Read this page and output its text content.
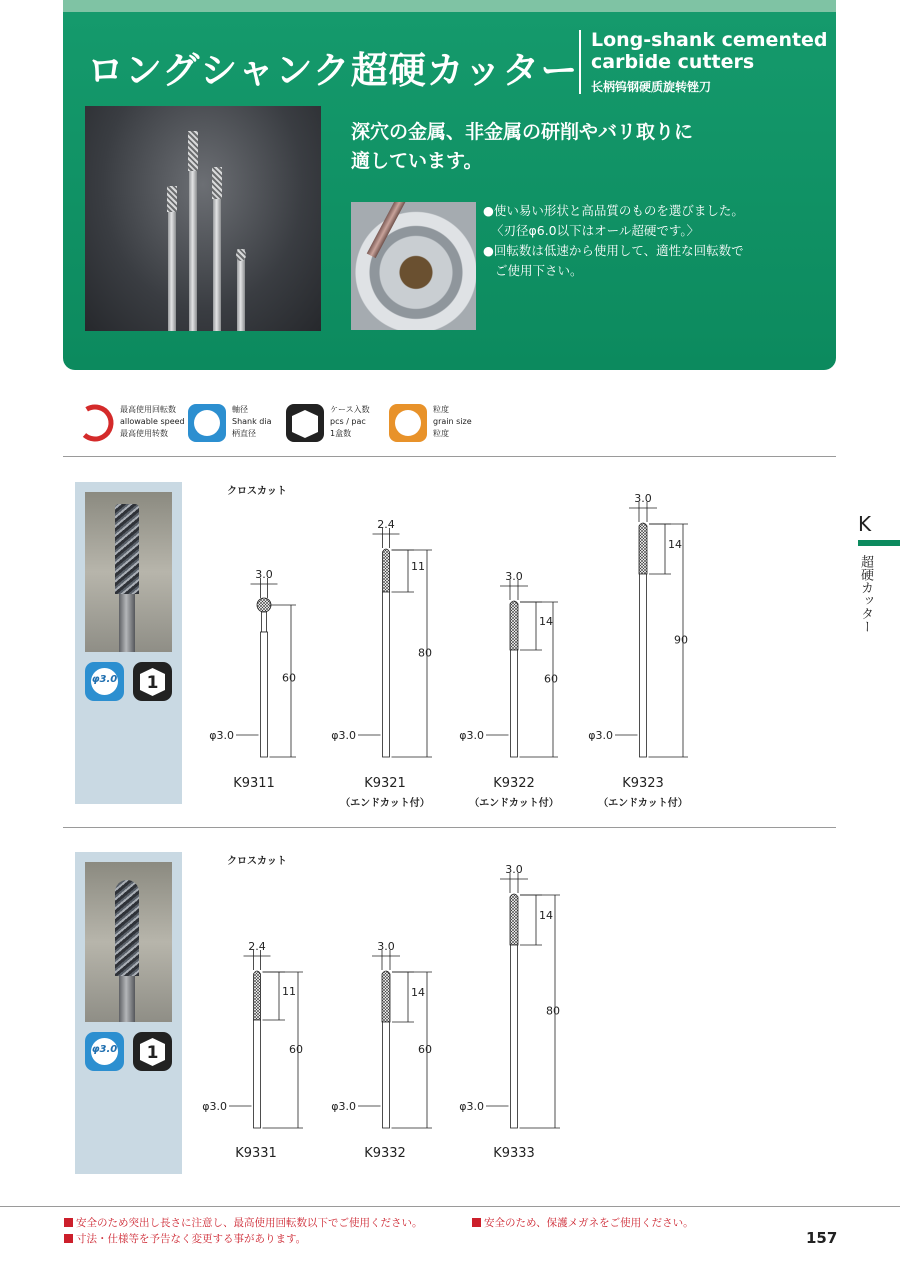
ロングシャンク超硬カッター
Long-shank cemented
carbide cutters
长柄钨钢硬质旋转锉刀
深穴の金属、非金属の研削やバリ取りに
適しています。
●使い易い形状と高品質のものを選びました。
〈刃径φ6.0以下はオール超硬です。〉
●回転数は低速から使用して、適性な回転数で
ご使用下さい。
最高使用回転数
allowable speed
最高使用转数
軸径
Shank dia
柄直径
ケース入数
pcs / pac
1盒数
粒度
grain size
粒度
K
超硬カッター
φ3.0	1
クロスカット
3.0
φ3.0
60
2.4
φ3.0
11
80
3.0
φ3.0
14
60
3.0
φ3.0
14
90
2.4
φ3.0
11
60
3.0
φ3.0
14
60
3.0
φ3.0
14
80
K9311	K9321
（エンドカット付）
K9322
（エンドカット付）
K9323
（エンドカット付）
φ3.0	1
クロスカット
K9331	K9332	K9333
安全のため突出し長さに注意し、最高使用回転数以下でご使用ください。	安全のため、保護メガネをご使用ください。
寸法・仕様等を予告なく変更する事があります。	157
